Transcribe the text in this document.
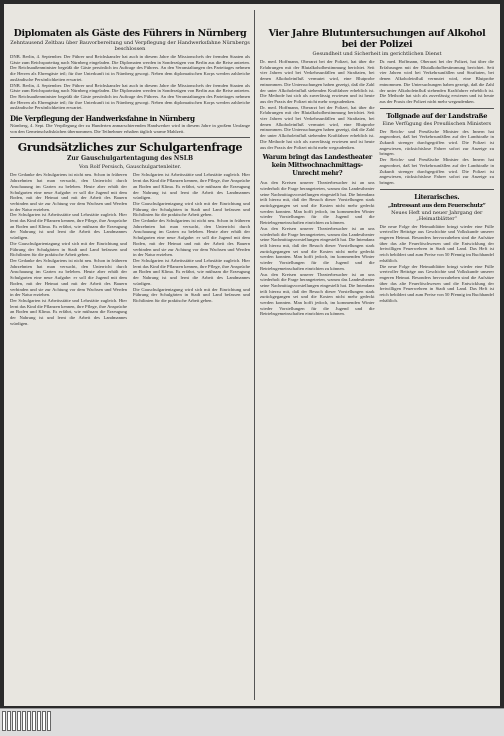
Diplomaten als Gäste des Führers in Nürnberg
Zehntausend Zeltbau über Bauvorbereitung und Verpflegung der Handwerksfahne Nürnbergs beschlossen

DNB. Berlin, 4. September. Der Führer und Reichskanzler hat auch in diesem Jahre die Missionschefs der fremden Staaten als Gäste zum Reichsparteitag nach Nürnberg eingeladen. Die Diplomaten werden in Sonderzügen von Berlin aus die Reise antreten. Der Reichsaußenminister begrüßt die Gäste persönlich im Auftrage des Führers. An den Veranstaltungen des Parteitages nehmen die Herren als Ehrengäste teil; für ihre Unterkunft ist in Nürnberg gesorgt. Neben dem diplomatischen Korps werden zahlreiche ausländische Persönlichkeiten erwartet.

DNB. Berlin, 4. September. Der Führer und Reichskanzler hat auch in diesem Jahre die Missionschefs der fremden Staaten als Gäste zum Reichsparteitag nach Nürnberg eingeladen. Die Diplomaten werden in Sonderzügen von Berlin aus die Reise antreten. Der Reichsaußenminister begrüßt die Gäste persönlich im Auftrage des Führers. An den Veranstaltungen des Parteitages nehmen die Herren als Ehrengäste teil; für ihre Unterkunft ist in Nürnberg gesorgt. Neben dem diplomatischen Korps werden zahlreiche ausländische Persönlichkeiten erwartet.

Die Verpflegung der Handwerksfahne in Nürnberg

Nürnberg, 4. Sept. Die Verpflegung der zu Hunderten anmarschierenden Handwerker wird in diesem Jahre in großem Umfange von den Gemeinschaftsküchen übernommen. Die Teilnehmer erhalten täglich warme Mahlzeit.

Grundsätzliches zur Schulgartenfrage
Zur Gauschulgartentagung des NSLB
Von Rolf Persisch, Gauschulgartenleiter.

Der Gedanke des Schulgartens ist nicht neu. Schon in früheren Jahrzehnten hat man versucht, den Unterricht durch Anschauung im Garten zu beleben. Heute aber erhält der Schulgarten eine neue Aufgabe: er soll die Jugend mit dem Boden, mit der Heimat und mit der Arbeit des Bauern verbinden und sie zur Achtung vor dem Wachsen und Werden in der Natur erziehen.

Der Schulgarten ist Arbeitsstätte und Lehrstätte zugleich. Hier lernt das Kind die Pflanzen kennen, ihre Pflege, ihre Ansprüche an Boden und Klima. Es erfährt, wie mühsam die Erzeugung der Nahrung ist und lernt die Arbeit des Landmannes würdigen.

Die Gauschulgartentagung wird sich mit der Einrichtung und Führung der Schulgärten in Stadt und Land befassen und Richtlinien für die praktische Arbeit geben.

Der Gedanke des Schulgartens ist nicht neu. Schon in früheren Jahrzehnten hat man versucht, den Unterricht durch Anschauung im Garten zu beleben. Heute aber erhält der Schulgarten eine neue Aufgabe: er soll die Jugend mit dem Boden, mit der Heimat und mit der Arbeit des Bauern verbinden und sie zur Achtung vor dem Wachsen und Werden in der Natur erziehen.

Der Schulgarten ist Arbeitsstätte und Lehrstätte zugleich. Hier lernt das Kind die Pflanzen kennen, ihre Pflege, ihre Ansprüche an Boden und Klima. Es erfährt, wie mühsam die Erzeugung der Nahrung ist und lernt die Arbeit des Landmannes würdigen.

Der Schulgarten ist Arbeitsstätte und Lehrstätte zugleich. Hier lernt das Kind die Pflanzen kennen, ihre Pflege, ihre Ansprüche an Boden und Klima. Es erfährt, wie mühsam die Erzeugung der Nahrung ist und lernt die Arbeit des Landmannes würdigen.

Die Gauschulgartentagung wird sich mit der Einrichtung und Führung der Schulgärten in Stadt und Land befassen und Richtlinien für die praktische Arbeit geben.

Der Gedanke des Schulgartens ist nicht neu. Schon in früheren Jahrzehnten hat man versucht, den Unterricht durch Anschauung im Garten zu beleben. Heute aber erhält der Schulgarten eine neue Aufgabe: er soll die Jugend mit dem Boden, mit der Heimat und mit der Arbeit des Bauern verbinden und sie zur Achtung vor dem Wachsen und Werden in der Natur erziehen.

Der Schulgarten ist Arbeitsstätte und Lehrstätte zugleich. Hier lernt das Kind die Pflanzen kennen, ihre Pflege, ihre Ansprüche an Boden und Klima. Es erfährt, wie mühsam die Erzeugung der Nahrung ist und lernt die Arbeit des Landmannes würdigen.

Die Gauschulgartentagung wird sich mit der Einrichtung und Führung der Schulgärten in Stadt und Land befassen und Richtlinien für die praktische Arbeit geben.

Vier Jahre Blutuntersuchungen auf Alkohol bei der Polizei
Gesundheit und Sicherheit im gerichtlichen Dienst

Dr. med. Hoffmann, Oberarzt bei der Polizei, hat über die Erfahrungen mit der Blutalkoholbestimmung berichtet. Seit vier Jahren wird bei Verkehrsunfällen und Straftaten, bei denen Alkoholeinfluß vermutet wird, eine Blutprobe entnommen. Die Untersuchungen haben gezeigt, daß die Zahl der unter Alkoholeinfluß stehenden Kraftfahrer erheblich ist. Die Methode hat sich als zuverlässig erwiesen und ist heute aus der Praxis der Polizei nicht mehr wegzudenken.

Dr. med. Hoffmann, Oberarzt bei der Polizei, hat über die Erfahrungen mit der Blutalkoholbestimmung berichtet. Seit vier Jahren wird bei Verkehrsunfällen und Straftaten, bei denen Alkoholeinfluß vermutet wird, eine Blutprobe entnommen. Die Untersuchungen haben gezeigt, daß die Zahl der unter Alkoholeinfluß stehenden Kraftfahrer erheblich ist. Die Methode hat sich als zuverlässig erwiesen und ist heute aus der Praxis der Polizei nicht mehr wegzudenken.

Warum bringt das Landestheater kein Mittwochnachmittags-Unrecht mehr?

Aus den Kreisen unserer Theaterbesucher ist an uns wiederholt die Frage herangetreten, warum das Landestheater seine Nachmittagsvorstellungen eingestellt hat. Die Intendanz teilt hierzu mit, daß der Besuch dieser Vorstellungen stark zurückgegangen sei und die Kosten nicht mehr gedeckt werden konnten. Man hofft jedoch, im kommenden Winter wieder Vorstellungen für die Jugend und die Betriebsgemeinschaften einrichten zu können.

Aus den Kreisen unserer Theaterbesucher ist an uns wiederholt die Frage herangetreten, warum das Landestheater seine Nachmittagsvorstellungen eingestellt hat. Die Intendanz teilt hierzu mit, daß der Besuch dieser Vorstellungen stark zurückgegangen sei und die Kosten nicht mehr gedeckt werden konnten. Man hofft jedoch, im kommenden Winter wieder Vorstellungen für die Jugend und die Betriebsgemeinschaften einrichten zu können.

Aus den Kreisen unserer Theaterbesucher ist an uns wiederholt die Frage herangetreten, warum das Landestheater seine Nachmittagsvorstellungen eingestellt hat. Die Intendanz teilt hierzu mit, daß der Besuch dieser Vorstellungen stark zurückgegangen sei und die Kosten nicht mehr gedeckt werden konnten. Man hofft jedoch, im kommenden Winter wieder Vorstellungen für die Jugend und die Betriebsgemeinschaften einrichten zu können.

Dr. med. Hoffmann, Oberarzt bei der Polizei, hat über die Erfahrungen mit der Blutalkoholbestimmung berichtet. Seit vier Jahren wird bei Verkehrsunfällen und Straftaten, bei denen Alkoholeinfluß vermutet wird, eine Blutprobe entnommen. Die Untersuchungen haben gezeigt, daß die Zahl der unter Alkoholeinfluß stehenden Kraftfahrer erheblich ist. Die Methode hat sich als zuverlässig erwiesen und ist heute aus der Praxis der Polizei nicht mehr wegzudenken.

Tollgnade auf der Landstraße
Eine Verfügung des Preußischen Ministers

Der Reichs- und Preußische Minister des Innern hat angeordnet, daß bei Verkehrsunfällen auf der Landstraße in Zukunft strenger durchgegriffen wird. Die Polizei ist angewiesen, rücksichtslose Fahrer sofort zur Anzeige zu bringen.

Der Reichs- und Preußische Minister des Innern hat angeordnet, daß bei Verkehrsunfällen auf der Landstraße in Zukunft strenger durchgegriffen wird. Die Polizei ist angewiesen, rücksichtslose Fahrer sofort zur Anzeige zu bringen.

Literarisches.
„Intressant aus dem Feuerschutz“
Neues Heft und neuer Jahrgang der „Heimatblätter“

Die neue Folge der Heimatblätter bringt wieder eine Fülle wertvoller Beiträge aus Geschichte und Volkskunde unserer engeren Heimat. Besonders hervorzuheben sind die Aufsätze über das alte Feuerlöschwesen und die Entwicklung der freiwilligen Feuerwehren in Stadt und Land. Das Heft ist reich bebildert und zum Preise von 50 Pfennig im Buchhandel erhältlich.

Die neue Folge der Heimatblätter bringt wieder eine Fülle wertvoller Beiträge aus Geschichte und Volkskunde unserer engeren Heimat. Besonders hervorzuheben sind die Aufsätze über das alte Feuerlöschwesen und die Entwicklung der freiwilligen Feuerwehren in Stadt und Land. Das Heft ist reich bebildert und zum Preise von 50 Pfennig im Buchhandel erhältlich.
